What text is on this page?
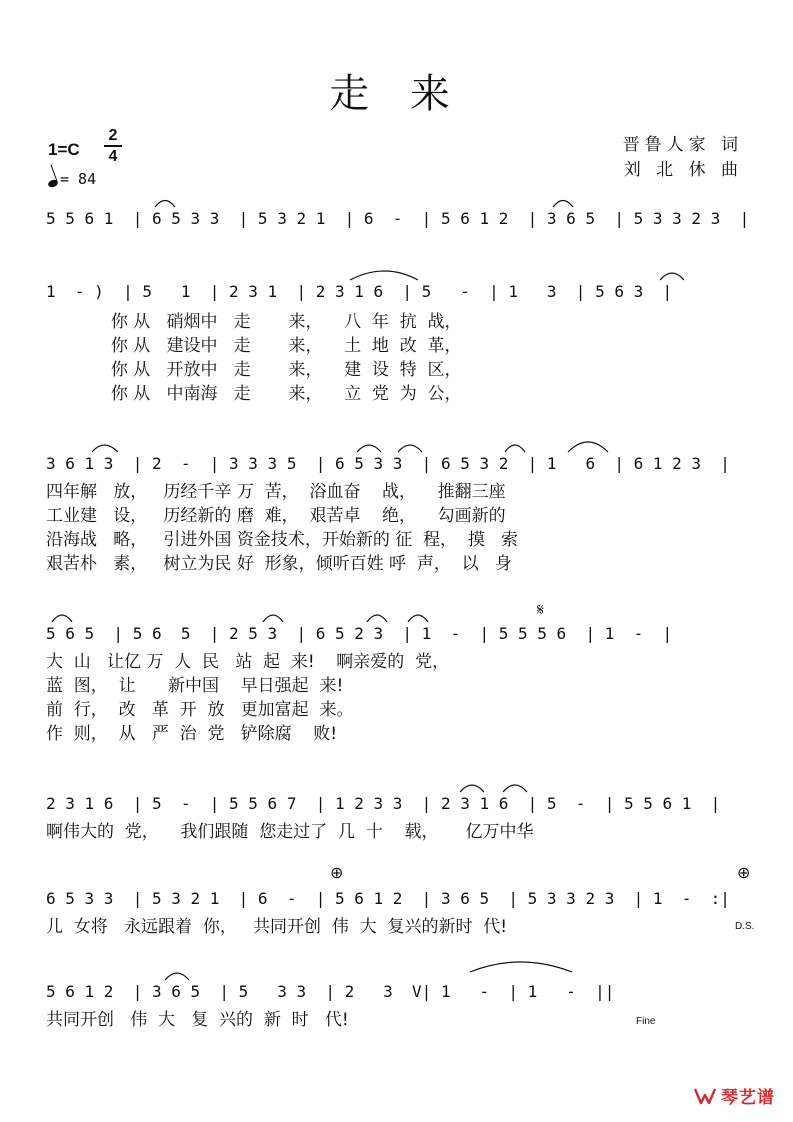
走 来
晋鲁人家 词
刘 北 休 曲
1=C
2
4
= 84
5 5 6 1  | 6 5 3 3  | 5 3 2 1  | 6  -  | 5 6 1 2  | 3 6 5  | 5 3 3 2 3  |
1  - )  | 5   1  | 2 3 1  | 2 3 1 6  | 5   -  | 1   3  | 5 6 3  |
你 从   硝烟中   走       来，    八  年  抗  战，
你 从   建设中   走       来，    土  地  改  革，
你 从   开放中   走       来，    建  设  特  区，
你 从   中南海   走       来，    立  党  为  公，
3 6 1 3  | 2  -  | 3 3 3 5  | 6 5 3 3  | 6 5 3 2  | 1   6  | 6 1 2 3  |
四年解   放，   历经千辛 万  苦，  浴血奋    战，    推翻三座
工业建   设，   历经新的 磨  难，  艰苦卓    绝，    勾画新的
沿海战   略，   引进外国 资金技术，开始新的 征  程，  摸   索
艰苦朴   素，   树立为民 好  形象，倾听百姓 呼  声，  以   身
5 6 5  | 5 6  5  | 2 5 3  | 6 5 2 3  | 1  -  | 5 5 5 6  | 1  -  |
大  山   让亿 万  人  民   站  起  来!    啊亲爱的  党，
蓝  图，  让      新中国    早日强起  来!
前  行，  改   革  开  放   更加富起  来。
作  则，  从   严  治  党   铲除腐    败!
𝄋
2 3 1 6  | 5  -  | 5 5 6 7  | 1 2 3 3  | 2 3 1 6  | 5  -  | 5 5 6 1  |
啊伟大的  党，    我们跟随  您走过了  几  十    载，     亿万中华
6 5 3 3  | 5 3 2 1  | 6  -  | 5 6 1 2  | 3 6 5  | 5 3 3 2 3  | 1  -  :|
儿  女将   永远跟着  你，   共同开创  伟  大  复兴的新时  代!
⊕	⊕
D.S.
5 6 1 2  | 3 6 5  | 5   3 3  | 2   3  V| 1   -  | 1   -  ||
共同开创   伟  大   复  兴的  新  时   代!	Fine
琴艺谱
